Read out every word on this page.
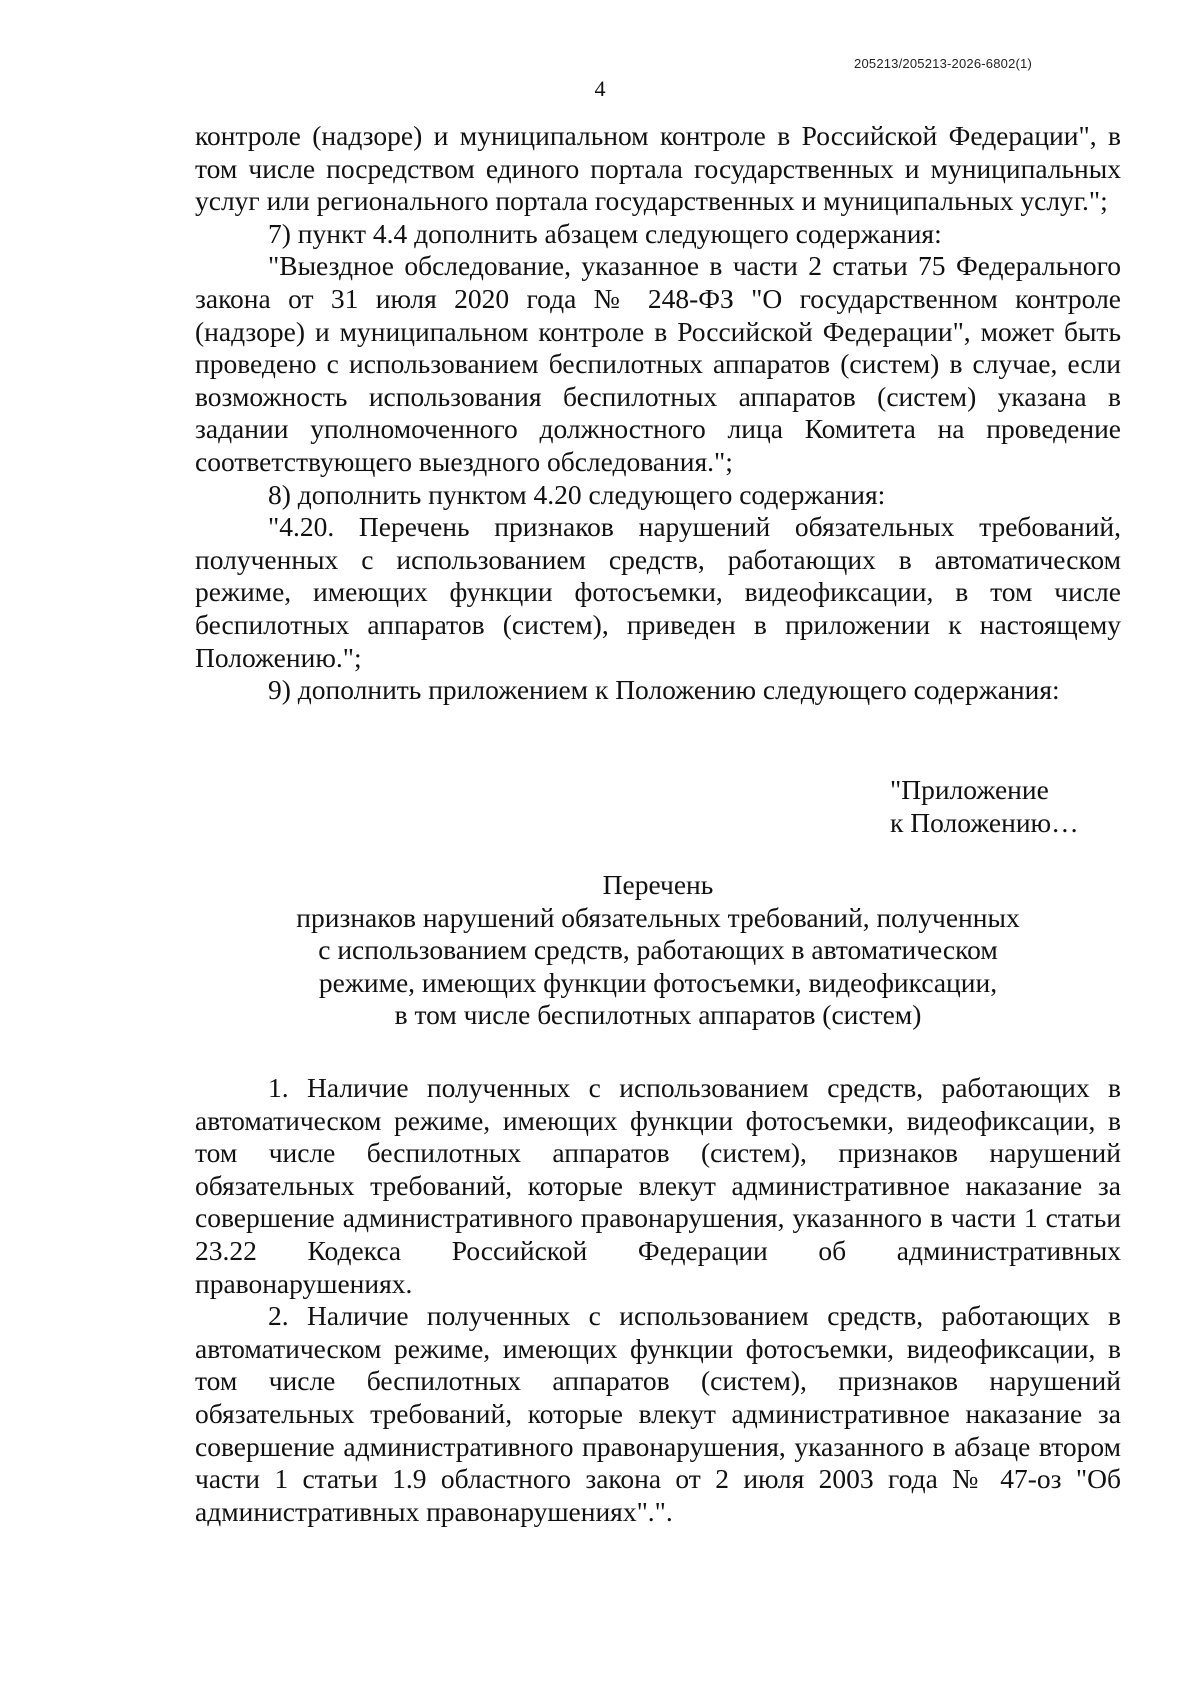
205213/205213-2026-6802(1)
4

контроле (надзоре) и муниципальном контроле в Российской Федерации", в том числе посредством единого портала государственных и муниципальных услуг или регионального портала государственных и муниципальных услуг.";

7) пункт 4.4 дополнить абзацем следующего содержания:

"Выездное обследование, указанное в части 2 статьи 75 Федерального закона от 31 июля 2020 года № 248-ФЗ "О государственном контроле (надзоре) и муниципальном контроле в Российской Федерации", может быть проведено с использованием беспилотных аппаратов (систем) в случае, если возможность использования беспилотных аппаратов (систем) указана в задании уполномоченного должностного лица Комитета на проведение соответствующего выездного обследования.";

8) дополнить пунктом 4.20 следующего содержания:

"4.20. Перечень признаков нарушений обязательных требований, полученных с использованием средств, работающих в автоматическом режиме, имеющих функции фотосъемки, видеофиксации, в том числе беспилотных аппаратов (систем), приведен в приложении к настоящему Положению.";

9) дополнить приложением к Положению следующего содержания:

"Приложение
к Положению…
Перечень
признаков нарушений обязательных требований, полученных
с использованием средств, работающих в автоматическом
режиме, имеющих функции фотосъемки, видеофиксации,
в том числе беспилотных аппаратов (систем)

1. Наличие полученных с использованием средств, работающих в автоматическом режиме, имеющих функции фотосъемки, видеофиксации, в том числе беспилотных аппаратов (систем), признаков нарушений обязательных требований, которые влекут административное наказание за совершение административного правонарушения, указанного в части 1 статьи 23.22 Кодекса Российской Федерации об административных правонарушениях.

2. Наличие полученных с использованием средств, работающих в автоматическом режиме, имеющих функции фотосъемки, видеофиксации, в том числе беспилотных аппаратов (систем), признаков нарушений обязательных требований, которые влекут административное наказание за совершение административного правонарушения, указанного в абзаце втором части 1 статьи 1.9 областного закона от 2 июля 2003 года № 47-оз "Об административных правонарушениях".".
